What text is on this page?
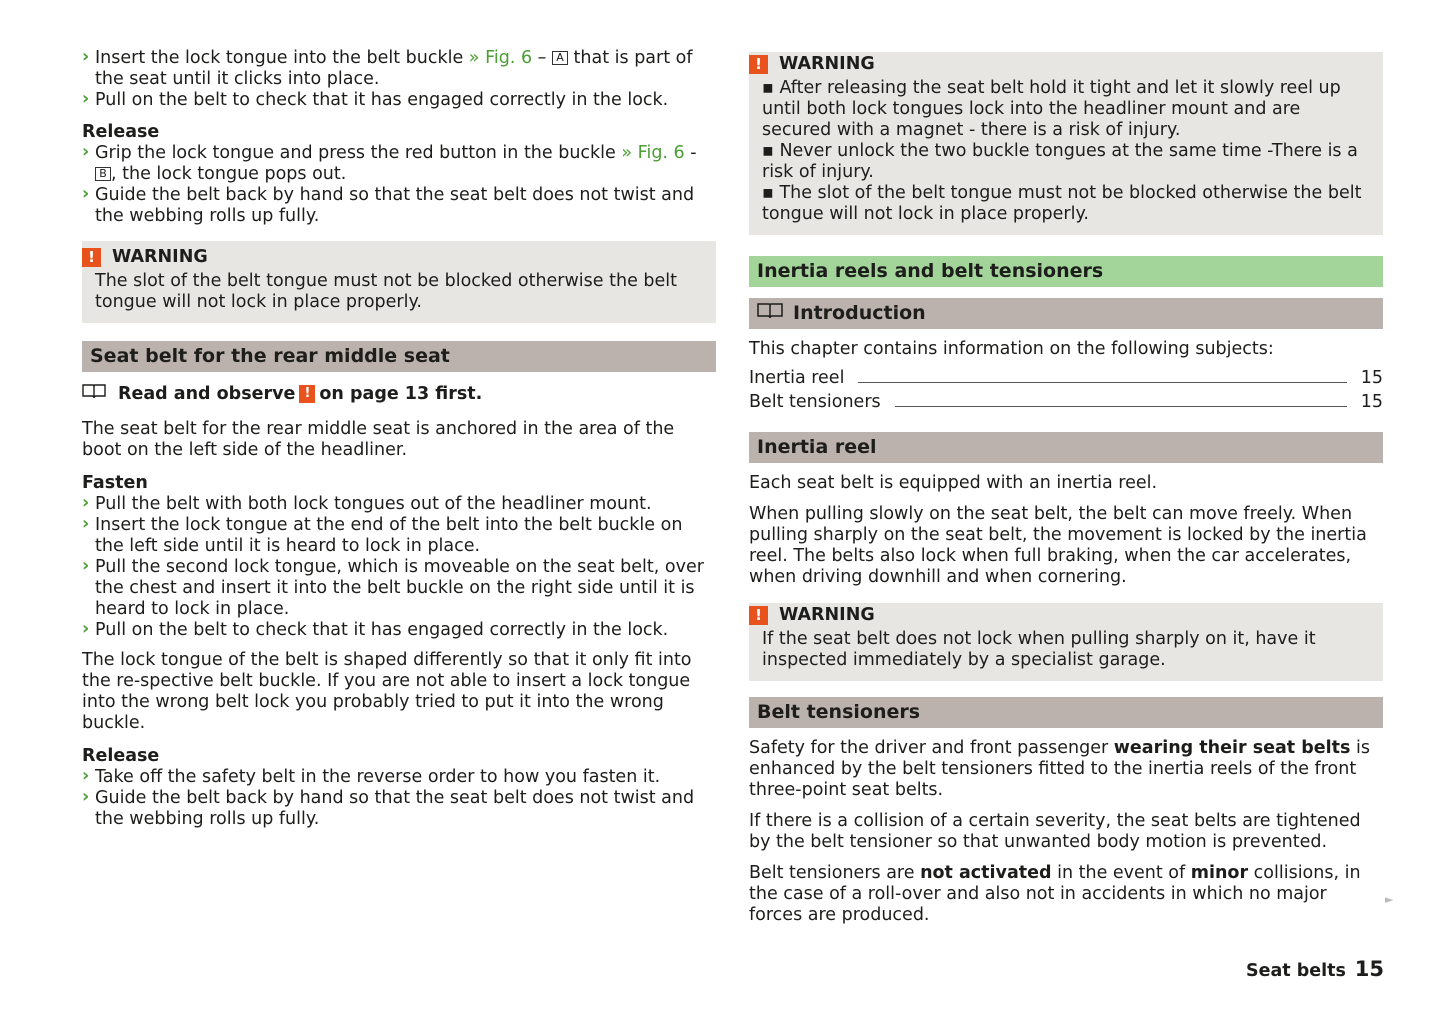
› Insert the lock tongue into the belt buckle » Fig. 6 – A that is part of the seat until it clicks into place.
› Pull on the belt to check that it has engaged correctly in the lock.
Release
› Grip the lock tongue and press the red button in the buckle » Fig. 6 - B , the lock tongue pops out.
› Guide the belt back by hand so that the seat belt does not twist and the webbing rolls up fully.
! WARNING
The slot of the belt tongue must not be blocked otherwise the belt tongue will not lock in place properly.
Seat belt for the rear middle seat
Read and observe ! on page 13 first.

The seat belt for the rear middle seat is anchored in the area of the boot on the left side of the headliner.

Fasten
› Pull the belt with both lock tongues out of the headliner mount.
› Insert the lock tongue at the end of the belt into the belt buckle on the left side until it is heard to lock in place.
› Pull the second lock tongue, which is moveable on the seat belt, over the chest and insert it into the belt buckle on the right side until it is heard to lock in place.
› Pull on the belt to check that it has engaged correctly in the lock.

The lock tongue of the belt is shaped differently so that it only fit into the re-spective belt buckle. If you are not able to insert a lock tongue into the wrong belt lock you probably tried to put it into the wrong buckle.

Release
› Take off the safety belt in the reverse order to how you fasten it.
› Guide the belt back by hand so that the seat belt does not twist and the webbing rolls up fully.
! WARNING
▪ After releasing the seat belt hold it tight and let it slowly reel up until both lock tongues lock into the headliner mount and are secured with a magnet - there is a risk of injury.
▪ Never unlock the two buckle tongues at the same time -There is a risk of injury.
▪ The slot of the belt tongue must not be blocked otherwise the belt tongue will not lock in place properly.
Inertia reels and belt tensioners
Introduction

This chapter contains information on the following subjects:

Inertia reel	15
Belt tensioners	15
Inertia reel

Each seat belt is equipped with an inertia reel.

When pulling slowly on the seat belt, the belt can move freely. When pulling sharply on the seat belt, the movement is locked by the inertia reel. The belts also lock when full braking, when the car accelerates, when driving downhill and when cornering.

! WARNING
If the seat belt does not lock when pulling sharply on it, have it inspected immediately by a specialist garage.
Belt tensioners

Safety for the driver and front passenger wearing their seat belts is enhanced by the belt tensioners fitted to the inertia reels of the front three-point seat belts.

If there is a collision of a certain severity, the seat belts are tightened by the belt tensioner so that unwanted body motion is prevented.

Belt tensioners are not activated in the event of minor collisions, in the case of a roll-over and also not in accidents in which no major forces are produced.

►
Seat belts 15
